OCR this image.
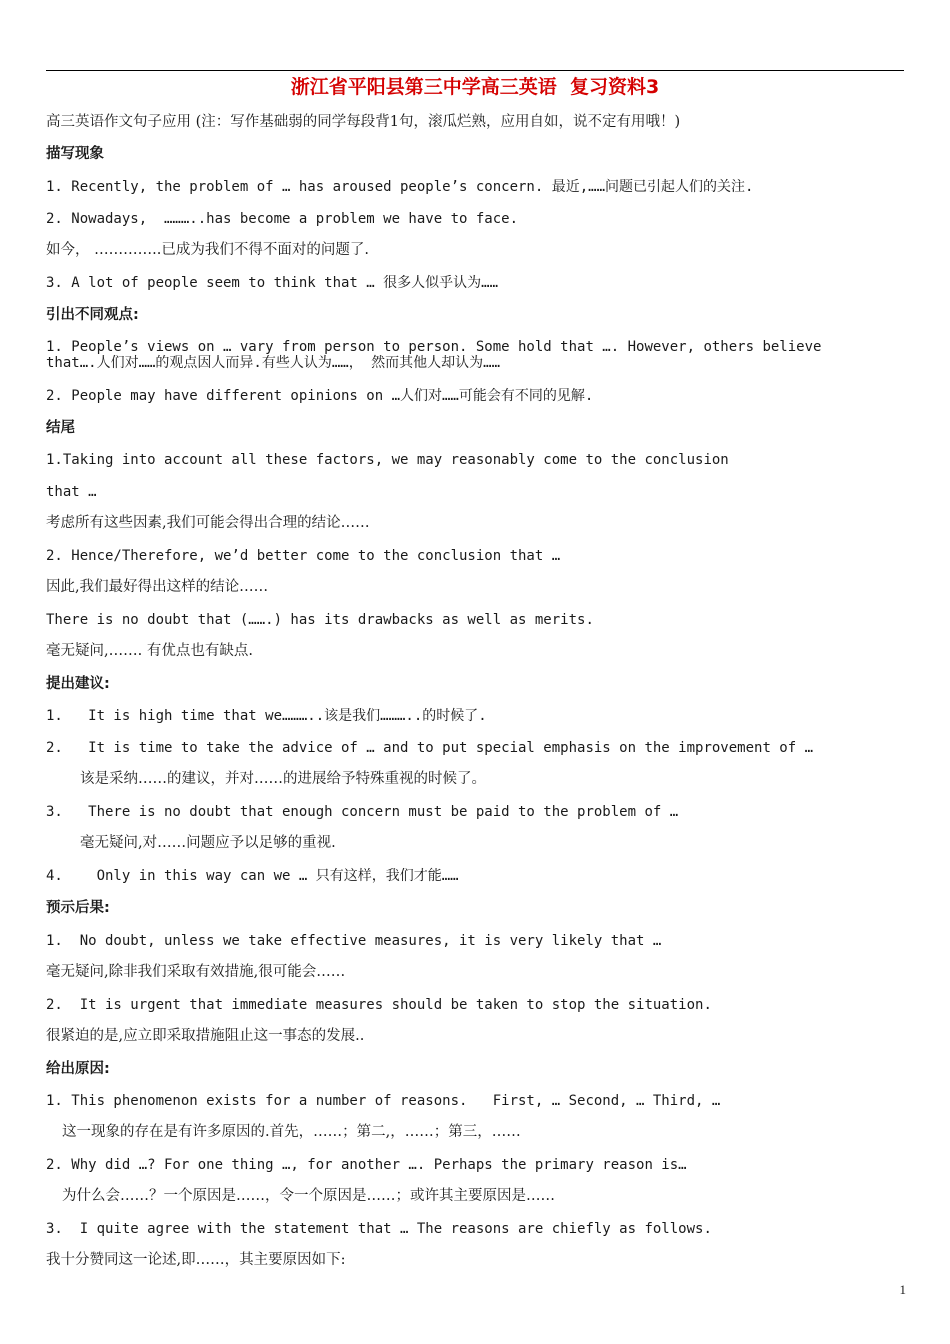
浙江省平阳县第三中学高三英语  复习资料3
高三英语作文句子应用 (注：写作基础弱的同学每段背1句，滚瓜烂熟，应用自如，说不定有用哦！)
描写现象
1. Recently, the problem of … has aroused people’s concern. 最近,……问题已引起人们的关注.
2. Nowadays,  ………..has become a problem we have to face.
如今， …………..已成为我们不得不面对的问题了.
3. A lot of people seem to think that … 很多人似乎认为……
引出不同观点:
1. People’s views on … vary from person to person. Some hold that …. However, others believe
that….人们对……的观点因人而异.有些人认为……， 然而其他人却认为……
2. People may have different opinions on …人们对……可能会有不同的见解.
结尾
1.Taking into account all these factors, we may reasonably come to the conclusion
that …
考虑所有这些因素,我们可能会得出合理的结论……
2. Hence/Therefore, we’d better come to the conclusion that …
因此,我们最好得出这样的结论……
There is no doubt that (…….) has its drawbacks as well as merits.
毫无疑问,……. 有优点也有缺点.
提出建议:
1.   It is high time that we………..该是我们………..的时候了.
2.   It is time to take the advice of … and to put special emphasis on the improvement of …
该是采纳……的建议，并对……的进展给予特殊重视的时候了。
3.   There is no doubt that enough concern must be paid to the problem of …
毫无疑问,对……问题应予以足够的重视.
4.    Only in this way can we … 只有这样，我们才能……
预示后果:
1.  No doubt, unless we take effective measures, it is very likely that …
毫无疑问,除非我们采取有效措施,很可能会……
2.  It is urgent that immediate measures should be taken to stop the situation.
很紧迫的是,应立即采取措施阻止这一事态的发展..
给出原因:
1. This phenomenon exists for a number of reasons.   First, … Second, … Third, …
这一现象的存在是有许多原因的.首先，……；第二,，……；第三，……
2. Why did …? For one thing …, for another …. Perhaps the primary reason is…
为什么会……？一个原因是……，令一个原因是……；或许其主要原因是……
3.  I quite agree with the statement that … The reasons are chiefly as follows.
我十分赞同这一论述,即……，其主要原因如下:
1
